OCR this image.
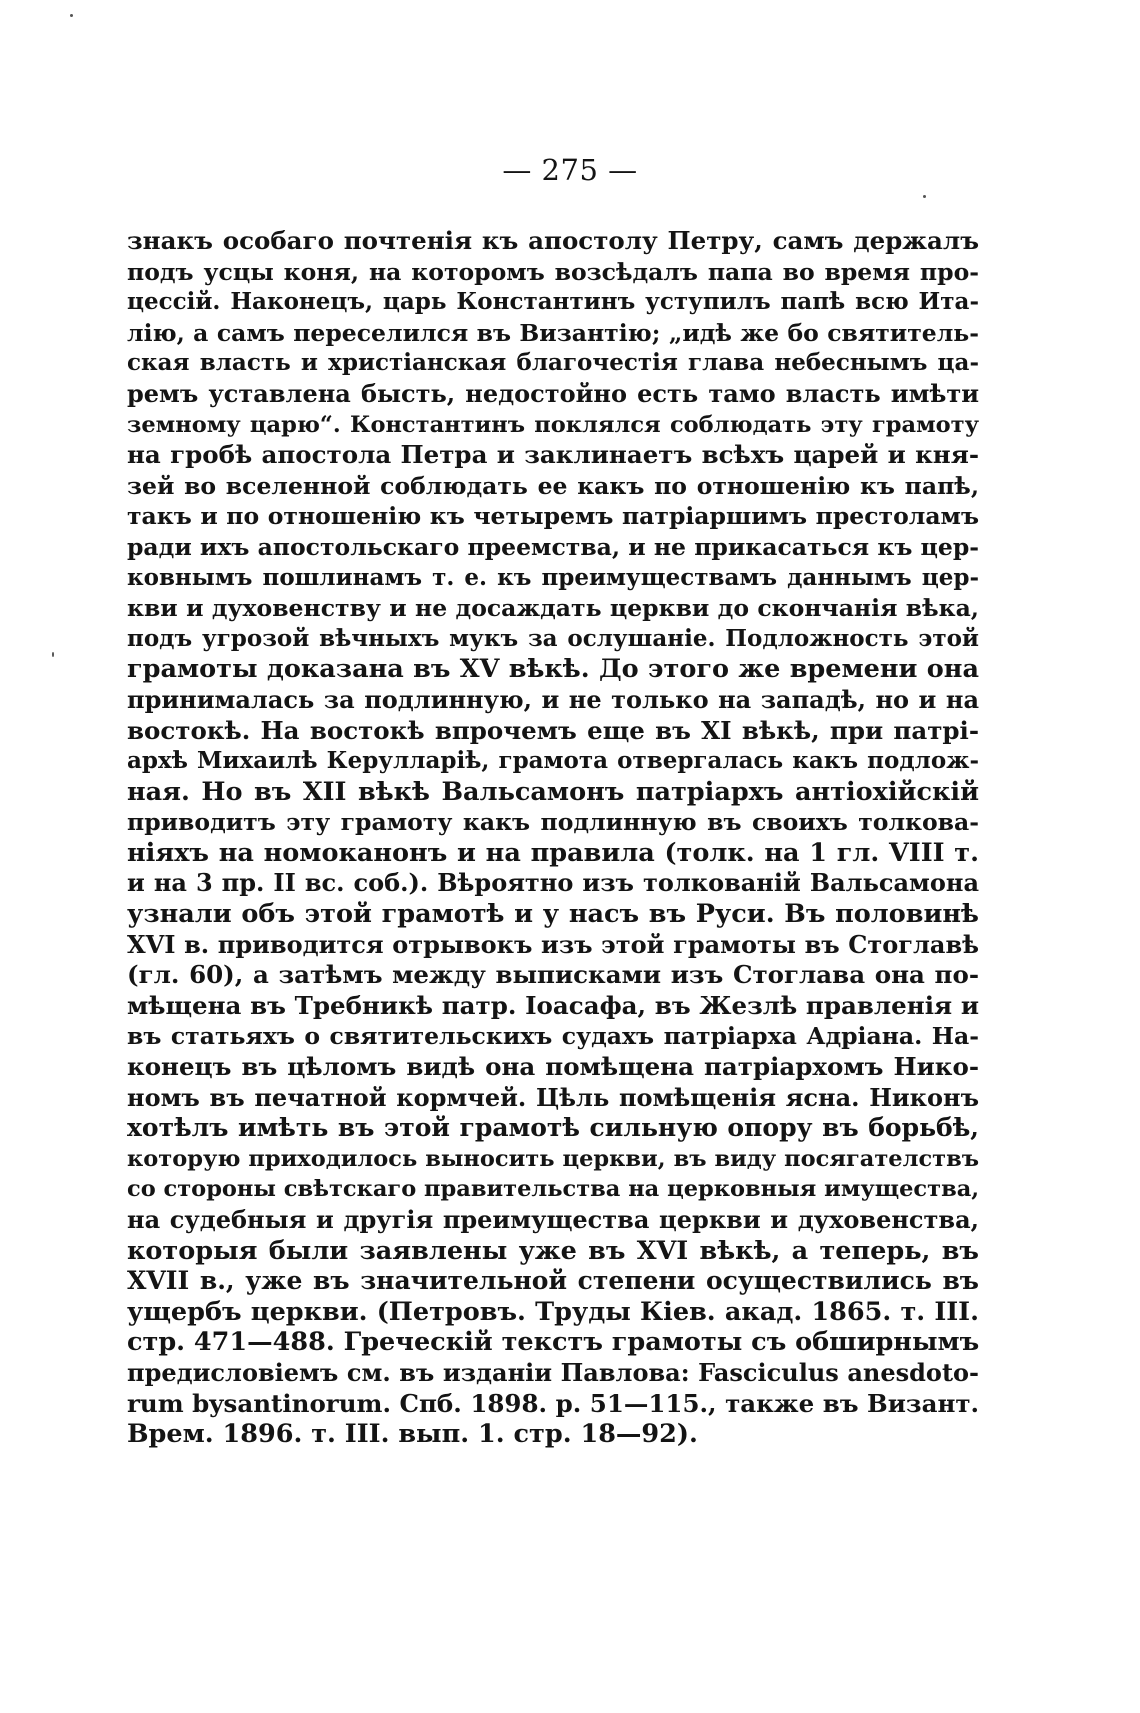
— 275 —
знакъ особаго почтенія къ апостолу Петру, самъ держалъ
подъ усцы коня, на которомъ возсѣдалъ папа во время про-
цессій. Наконецъ, царь Константинъ уступилъ папѣ всю Ита-
лію, а самъ переселился въ Византію; „идѣ же бо святитель-
ская власть и христіанская благочестія глава небеснымъ ца-
ремъ уставлена бысть, недостойно есть тамо власть имѣти
земному царю“. Константинъ поклялся соблюдать эту грамоту
на гробѣ апостола Петра и заклинаетъ всѣхъ царей и кня-
зей во вселенной соблюдать ее какъ по отношенію къ папѣ,
такъ и по отношенію къ четыремъ патріаршимъ престоламъ
ради ихъ апостольскаго преемства, и не прикасаться къ цер-
ковнымъ пошлинамъ т. е. къ преимуществамъ даннымъ цер-
кви и духовенству и не досаждать церкви до скончанія вѣка,
подъ угрозой вѣчныхъ мукъ за ослушаніе. Подложность этой
грамоты доказана въ XV вѣкѣ. До этого же времени она
принималась за подлинную, и не только на западѣ, но и на
востокѣ. На востокѣ впрочемъ еще въ XI вѣкѣ, при патрі-
архѣ Михаилѣ Керулларіѣ, грамота отвергалась какъ подлож-
ная. Но въ XII вѣкѣ Вальсамонъ патріархъ антіохійскій
приводитъ эту грамоту какъ подлинную въ своихъ толкова-
ніяхъ на номоканонъ и на правила (толк. на 1 гл. VIII т.
и на 3 пр. II вс. соб.). Вѣроятно изъ толкованій Вальсамона
узнали объ этой грамотѣ и у насъ въ Руси. Въ половинѣ
XVI в. приводится отрывокъ изъ этой грамоты въ Стоглавѣ
(гл. 60), а затѣмъ между выписками изъ Стоглава она по-
мѣщена въ Требникѣ патр. Іоасафа, въ Жезлѣ правленія и
въ статьяхъ о святительскихъ судахъ патріарха Адріана. На-
конецъ въ цѣломъ видѣ она помѣщена патріархомъ Нико-
номъ въ печатной кормчей. Цѣль помѣщенія ясна. Никонъ
хотѣлъ имѣть въ этой грамотѣ сильную опору въ борьбѣ,
которую приходилось выносить церкви, въ виду посягателствъ
со стороны свѣтскаго правительства на церковныя имущества,
на судебныя и другія преимущества церкви и духовенства,
которыя были заявлены уже въ XVI вѣкѣ, а теперь, въ
XVII в., уже въ значительной степени осуществились въ
ущербъ церкви. (Петровъ. Труды Кіев. акад. 1865. т. III.
стр. 471—488. Греческій текстъ грамоты съ обширнымъ
предисловіемъ см. въ изданіи Павлова: Fasciculus anesdoto-
rum bysantinorum. Спб. 1898. p. 51—115., также въ Визант.
Врем. 1896. т. III. вып. 1. стр. 18—92).
